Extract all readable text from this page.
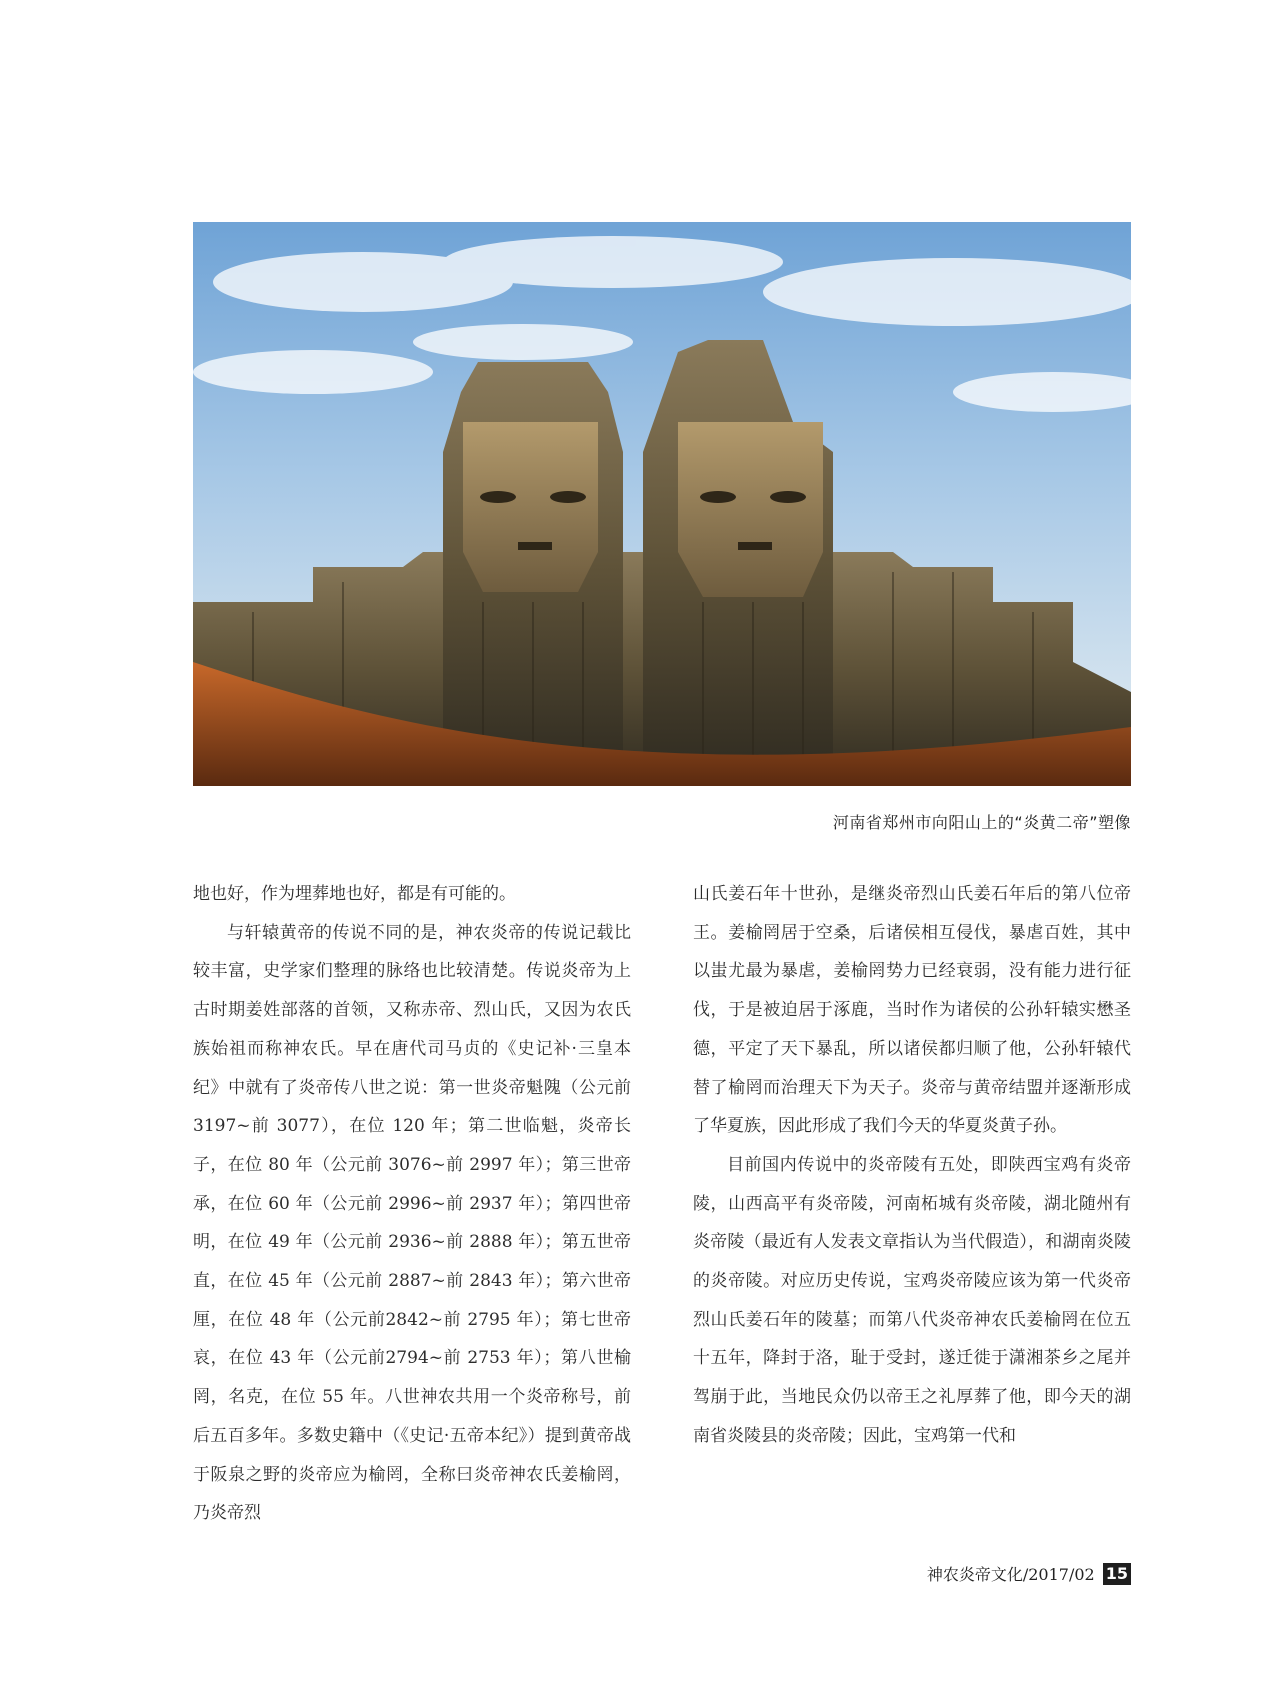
河南省郑州市向阳山上的“炎黄二帝”塑像

地也好，作为埋葬地也好，都是有可能的。

与轩辕黄帝的传说不同的是，神农炎帝的传说记载比较丰富，史学家们整理的脉络也比较清楚。传说炎帝为上古时期姜姓部落的首领，又称赤帝、烈山氏，又因为农氏族始祖而称神农氏。早在唐代司马贞的《史记补·三皇本纪》中就有了炎帝传八世之说：第一世炎帝魁隗（公元前 3197~前 3077），在位 120 年；第二世临魁，炎帝长子，在位 80 年（公元前 3076~前 2997 年）；第三世帝承，在位 60 年（公元前 2996~前 2937 年）；第四世帝明，在位 49 年（公元前 2936~前 2888 年）；第五世帝直，在位 45 年（公元前 2887~前 2843 年）；第六世帝厘，在位 48 年（公元前2842~前 2795 年）；第七世帝哀，在位 43 年（公元前2794~前 2753 年）；第八世榆罔，名克，在位 55 年。八世神农共用一个炎帝称号，前后五百多年。多数史籍中（《史记·五帝本纪》）提到黄帝战于阪泉之野的炎帝应为榆罔，全称曰炎帝神农氏姜榆罔，乃炎帝烈

山氏姜石年十世孙，是继炎帝烈山氏姜石年后的第八位帝王。姜榆罔居于空桑，后诸侯相互侵伐，暴虐百姓，其中以蚩尤最为暴虐，姜榆罔势力已经衰弱，没有能力进行征伐，于是被迫居于涿鹿，当时作为诸侯的公孙轩辕实懋圣德，平定了天下暴乱，所以诸侯都归顺了他，公孙轩辕代替了榆罔而治理天下为天子。炎帝与黄帝结盟并逐渐形成了华夏族，因此形成了我们今天的华夏炎黄子孙。

目前国内传说中的炎帝陵有五处，即陕西宝鸡有炎帝陵，山西高平有炎帝陵，河南柘城有炎帝陵，湖北随州有炎帝陵（最近有人发表文章指认为当代假造），和湖南炎陵的炎帝陵。对应历史传说，宝鸡炎帝陵应该为第一代炎帝烈山氏姜石年的陵墓；而第八代炎帝神农氏姜榆罔在位五十五年，降封于洛，耻于受封，遂迁徙于潇湘茶乡之尾并驾崩于此，当地民众仍以帝王之礼厚葬了他，即今天的湖南省炎陵县的炎帝陵；因此，宝鸡第一代和

神农炎帝文化/2017/02 15
